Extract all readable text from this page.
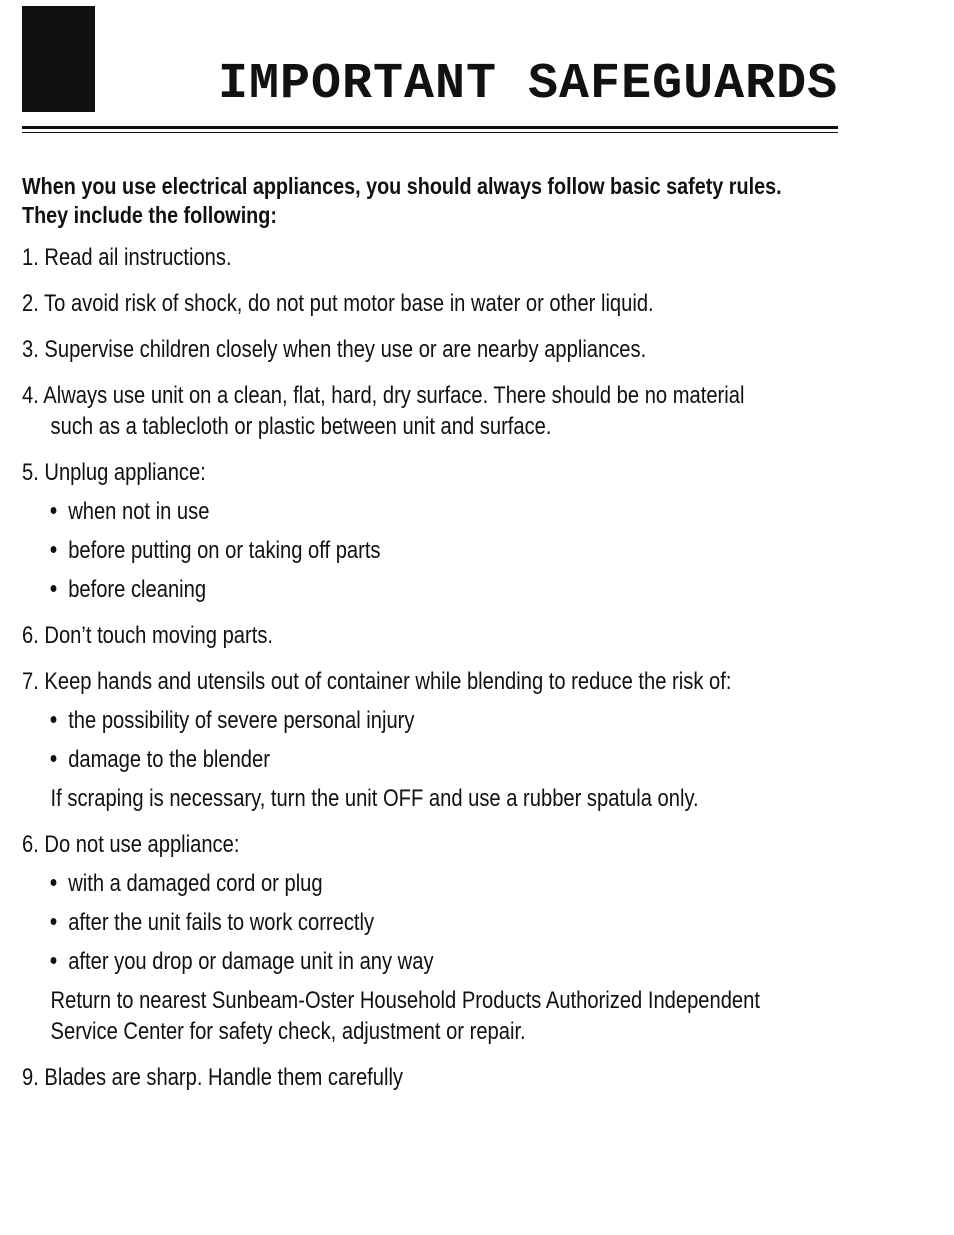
IMPORTANT SAFEGUARDS
When you use electrical appliances, you should always follow basic safety rules.
They include the following:
1. Read ail instructions.
2. To avoid risk of shock, do not put motor base in water or other liquid.
3. Supervise children closely when they use or are nearby appliances.
4. Always use unit on a clean, flat, hard, dry surface. There should be no material
such as a tablecloth or plastic between unit and surface.
5. Unplug appliance:
when not in use
before putting on or taking off parts
before cleaning
6. Don’t touch moving parts.
7. Keep hands and utensils out of container while blending to reduce the risk of:
the possibility of severe personal injury
damage to the blender
If scraping is necessary, turn the unit OFF and use a rubber spatula only.
6. Do not use appliance:
with a damaged cord or plug
after the unit fails to work correctly
after you drop or damage unit in any way
Return to nearest Sunbeam-Oster Household Products Authorized Independent
Service Center for safety check, adjustment or repair.
9. Blades are sharp. Handle them carefully
